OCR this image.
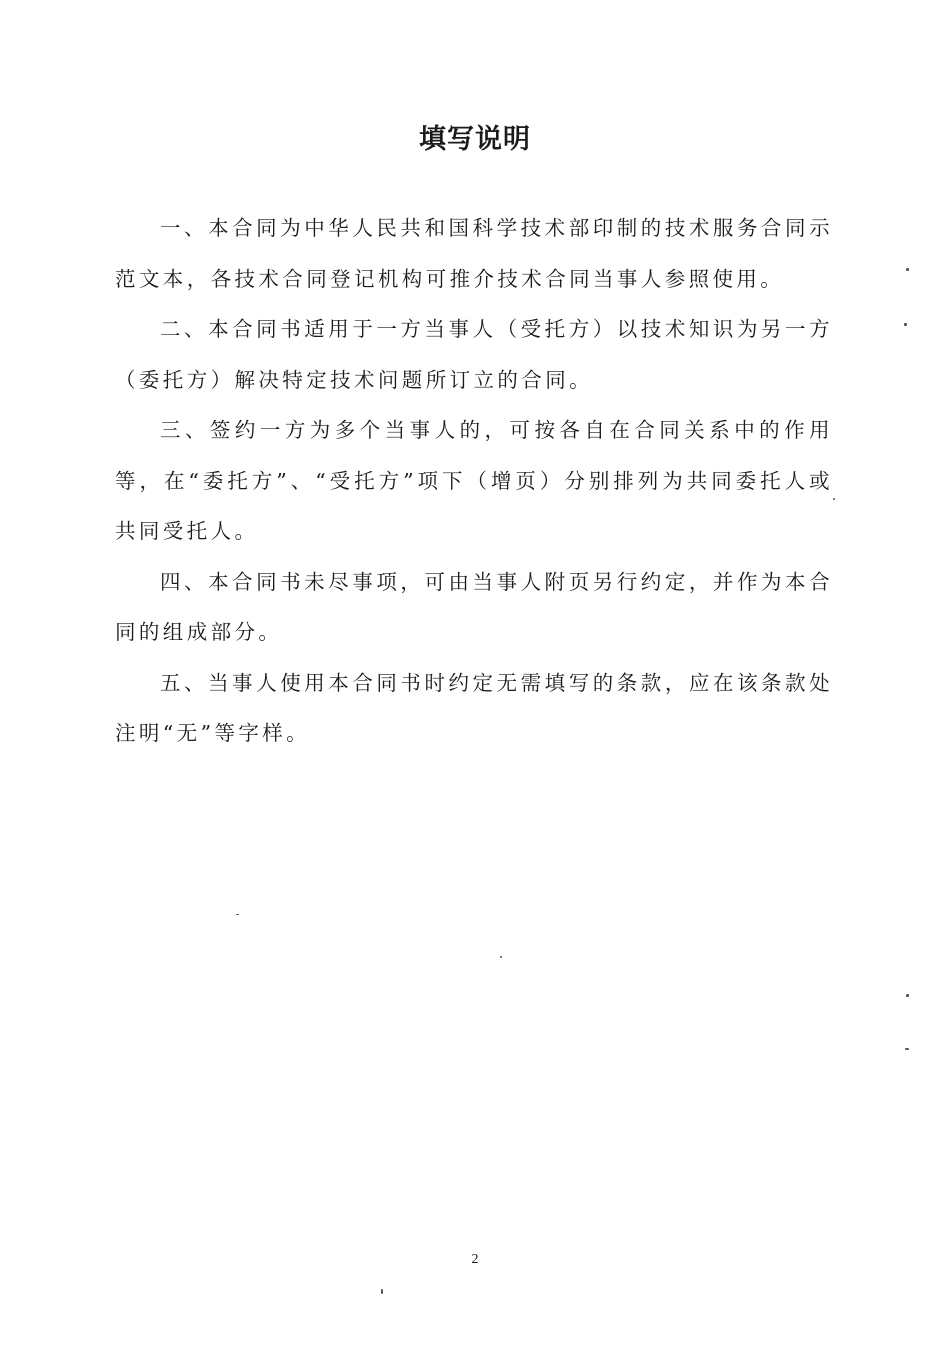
填写说明

一、本合同为中华人民共和国科学技术部印制的技术服务合同示范文本，各技术合同登记机构可推介技术合同当事人参照使用。

二、本合同书适用于一方当事人（受托方）以技术知识为另一方（委托方）解决特定技术问题所订立的合同。

三、签约一方为多个当事人的，可按各自在合同关系中的作用等，在“委托方”、“受托方”项下（增页）分别排列为共同委托人或共同受托人。

四、本合同书未尽事项，可由当事人附页另行约定，并作为本合同的组成部分。

五、当事人使用本合同书时约定无需填写的条款，应在该条款处注明“无”等字样。

2
